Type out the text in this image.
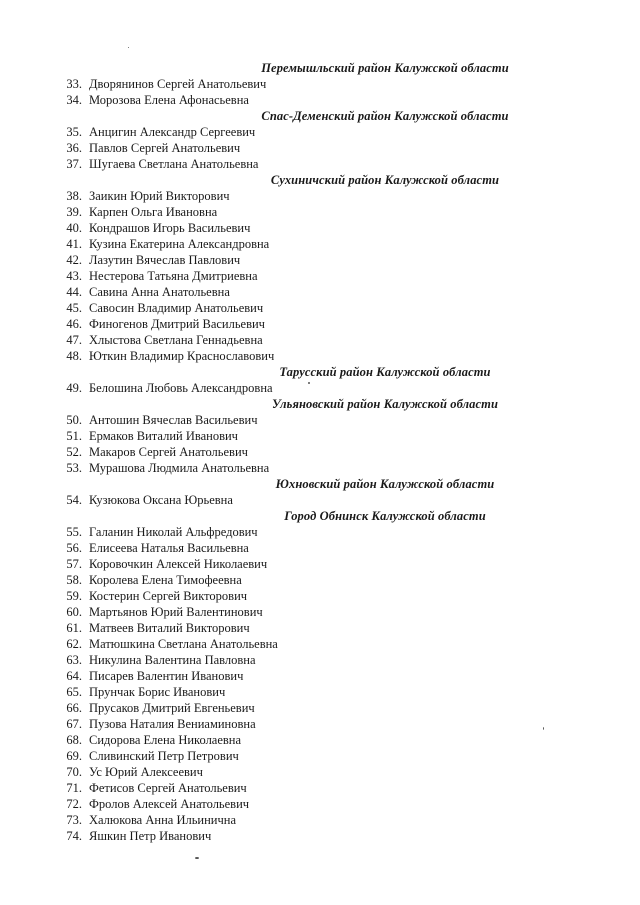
Перемышльский район Калужской области
33. Дворянинов Сергей Анатольевич
34. Морозова Елена Афонасьевна
Спас-Деменский район Калужской области
35. Анцигин Александр Сергеевич
36. Павлов Сергей Анатольевич
37. Шугаева Светлана Анатольевна
Сухиничский район Калужской области
38. Заикин Юрий Викторович
39. Карпен Ольга Ивановна
40. Кондрашов Игорь Васильевич
41. Кузина Екатерина Александровна
42. Лазутин Вячеслав Павлович
43. Нестерова Татьяна Дмитриевна
44. Савина Анна Анатольевна
45. Савосин Владимир Анатольевич
46. Финогенов Дмитрий Васильевич
47. Хлыстова Светлана Геннадьевна
48. Юткин Владимир Краснославович
Тарусский район Калужской области
49. Белошина Любовь Александровна
Ульяновский район Калужской области
50. Антошин Вячеслав Васильевич
51. Ермаков Виталий Иванович
52. Макаров Сергей Анатольевич
53. Мурашова Людмила Анатольевна
Юхновский район Калужской области
54. Кузюкова Оксана Юрьевна
Город Обнинск Калужской области
55. Галанин Николай Альфредович
56. Елисеева Наталья Васильевна
57. Коровочкин Алексей Николаевич
58. Королева Елена Тимофеевна
59. Костерин Сергей Викторович
60. Мартьянов Юрий Валентинович
61. Матвеев Виталий Викторович
62. Матюшкина Светлана Анатольевна
63. Никулина Валентина Павловна
64. Писарев Валентин Иванович
65. Прунчак Борис Иванович
66. Прусаков Дмитрий Евгеньевич
67. Пузова Наталия Вениаминовна
68. Сидорова Елена Николаевна
69. Сливинский Петр Петрович
70. Ус Юрий Алексеевич
71. Фетисов Сергей Анатольевич
72. Фролов Алексей Анатольевич
73. Халюкова Анна Ильинична
74. Яшкин Петр Иванович
